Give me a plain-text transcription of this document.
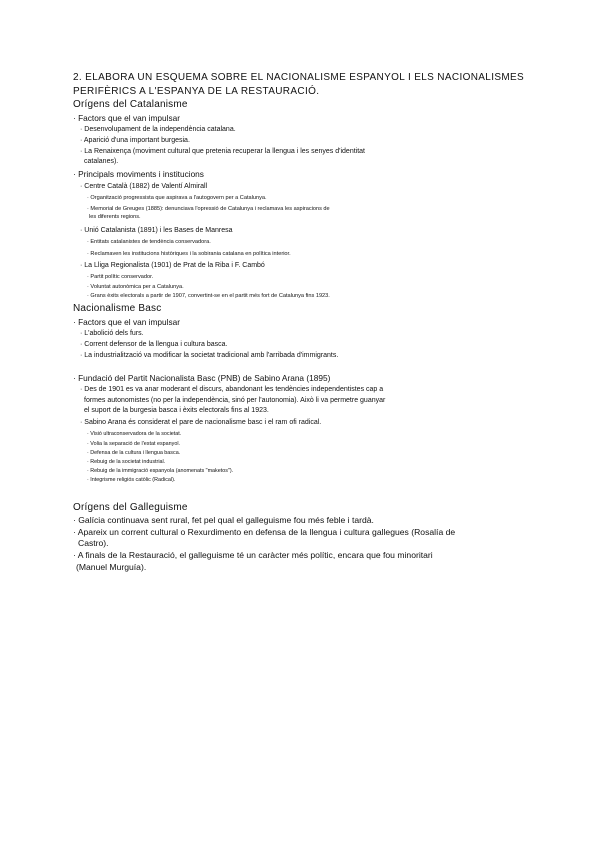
2. ELABORA UN ESQUEMA SOBRE EL NACIONALISME ESPANYOL I ELS NACIONALISMES
PERIFÈRICS A L'ESPANYA DE LA RESTAURACIÓ.
Orígens del Catalanisme
· Factors que el van impulsar
· Desenvolupament de la independència catalana.
· Aparició d'una important burgesia.
· La Renaixença (moviment cultural que pretenia recuperar la llengua i les senyes d'identitat
catalanes).
· Principals moviments i institucions
· Centre Català (1882) de Valentí Almirall
· Organització progressista que aspirava a l'autogovern per a Catalunya.
· Memorial de Greuges (1885): denunciava l'opressió de Catalunya i reclamava les aspiracions de
les diferents regions.
· Unió Catalanista (1891) i les Bases de Manresa
· Entitats catalanistes de tendència conservadora.
· Reclamaven les institucions històriques i la sobirania catalana en política interior.
· La Lliga Regionalista (1901) de Prat de la Riba i F. Cambó
· Partit polític conservador.
· Voluntat autonòmica per a Catalunya.
· Grans èxits electorals a partir de 1907, convertint-se en el partit més fort de Catalunya fins 1923.
Nacionalisme Basc
· Factors que el van impulsar
· L'abolició dels furs.
· Corrent defensor de la llengua i cultura basca.
· La industrialització va modificar la societat tradicional amb l'arribada d'immigrants.
· Fundació del Partit Nacionalista Basc (PNB) de Sabino Arana (1895)
· Des de 1901 es va anar moderant el discurs, abandonant les tendències independentistes cap a
formes autonomistes (no per la independència, sinó per l'autonomia). Això li va permetre guanyar
el suport de la burgesia basca i èxits electorals fins al 1923.
· Sabino Arana és considerat el pare de nacionalisme basc i el ram ofi radical.
· Visió ultraconservadora de la societat.
· Volia la separació de l'estat espanyol.
· Defensa de la cultura i llengua basca.
· Rebuig de la societat industrial.
· Rebuig de la immigració espanyola (anomenats "maketos").
· Integrisme religiós catòlic (Radical).
Orígens del Galleguisme
· Galícia continuava sent rural, fet pel qual el galleguisme fou més feble i tardà.
· Apareix un corrent cultural o Rexurdimento en defensa de la llengua i cultura gallegues (Rosalía de
Castro).
· A finals de la Restauració, el galleguisme té un caràcter més polític, encara que fou minoritari
(Manuel Murguía).
